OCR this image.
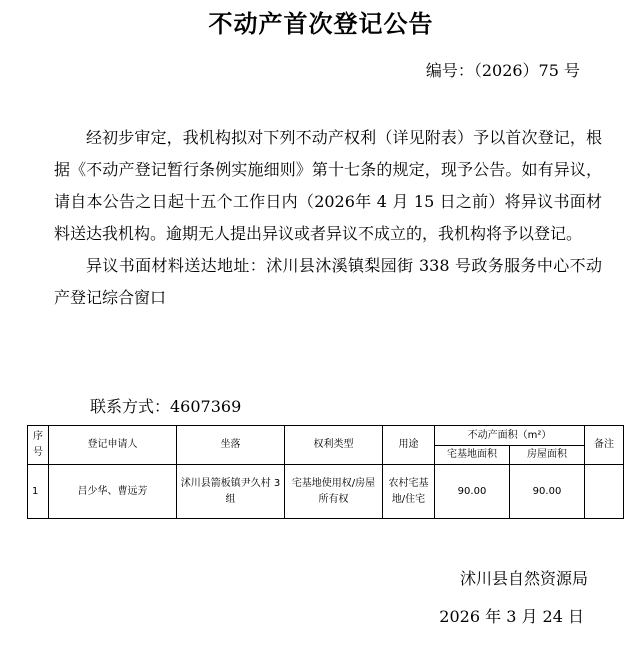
不动产首次登记公告
编号：（2026）75 号

经初步审定，我机构拟对下列不动产权利（详见附表）予以首次登记，根据《不动产登记暂行条例实施细则》第十七条的规定，现予公告。如有异议，请自本公告之日起十五个工作日内（2026年 4 月 15 日之前）将异议书面材料送达我机构。逾期无人提出异议或者异议不成立的，我机构将予以登记。

异议书面材料送达地址：沭川县沐溪镇梨园街 338 号政务服务中心不动产登记综合窗口

联系方式：4607369
序号	登记申请人	坐落	权利类型	用途	不动产面积（m²）		备注
					宅基地面积	房屋面积	
1	吕少华、曹远芳	沭川县箭板镇尹久村 3 组	宅基地使用权/房屋所有权	农村宅基地/住宅	90.00	90.00	
沭川县自然资源局
2026 年 3 月 24 日
